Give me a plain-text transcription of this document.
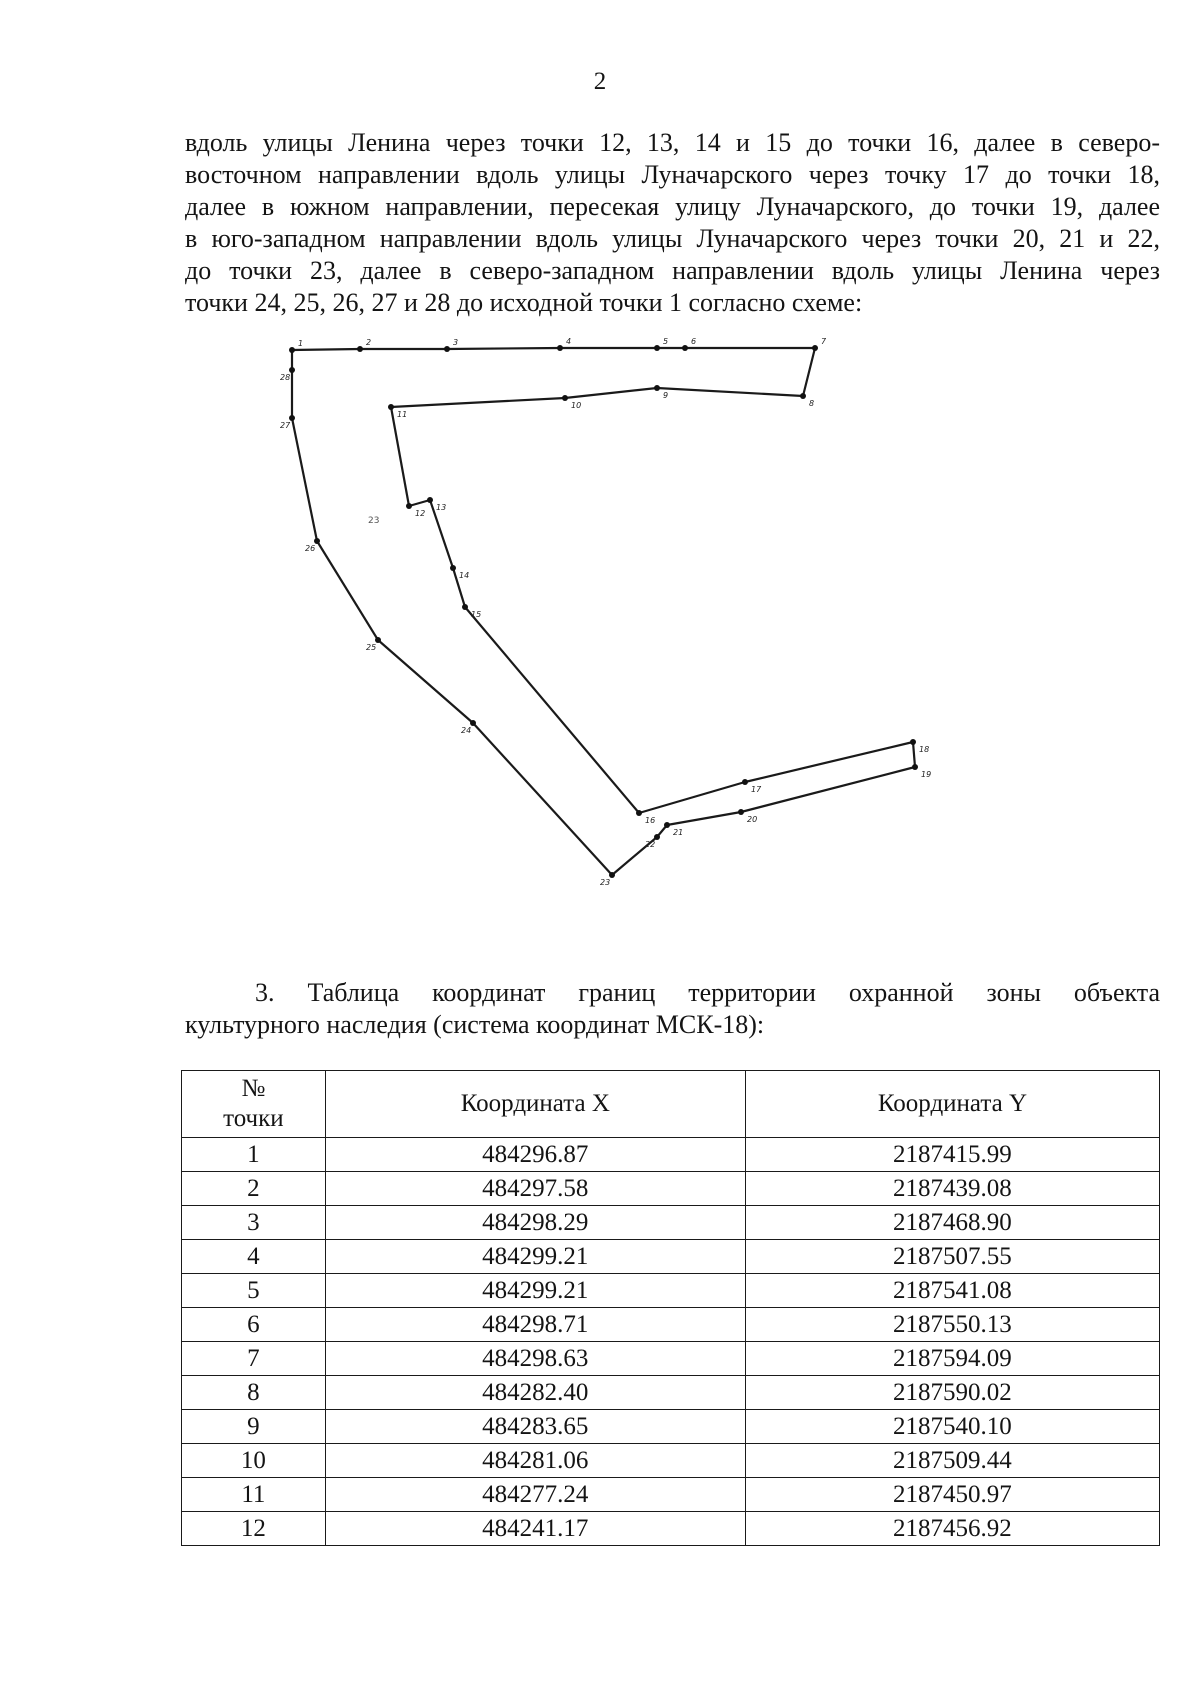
2

вдоль улицы Ленина через точки 12, 13, 14 и 15 до точки 16, далее в северо-
восточном направлении вдоль улицы Луначарского через точку 17 до точки 18,
далее в южном направлении, пересекая улицу Луначарского, до точки 19, далее
в юго-западном направлении вдоль улицы Луначарского через точки 20, 21 и 22,
до точки 23, далее в северо-западном направлении вдоль улицы Ленина через
точки 24, 25, 26, 27 и 28 до исходной точки 1 согласно схеме:

1	2	3	4	5	6	7
8
9
10
11
12
13
14
15
16
17
18
19
20
21
22
23
24
25
26
27
28
23

3. Таблица координат границ территории охранной зоны объекта
культурного наследия (система координат МСК-18):

№
точки	Координата X	Координата Y
1	484296.87	2187415.99
2	484297.58	2187439.08
3	484298.29	2187468.90
4	484299.21	2187507.55
5	484299.21	2187541.08
6	484298.71	2187550.13
7	484298.63	2187594.09
8	484282.40	2187590.02
9	484283.65	2187540.10
10	484281.06	2187509.44
11	484277.24	2187450.97
12	484241.17	2187456.92
